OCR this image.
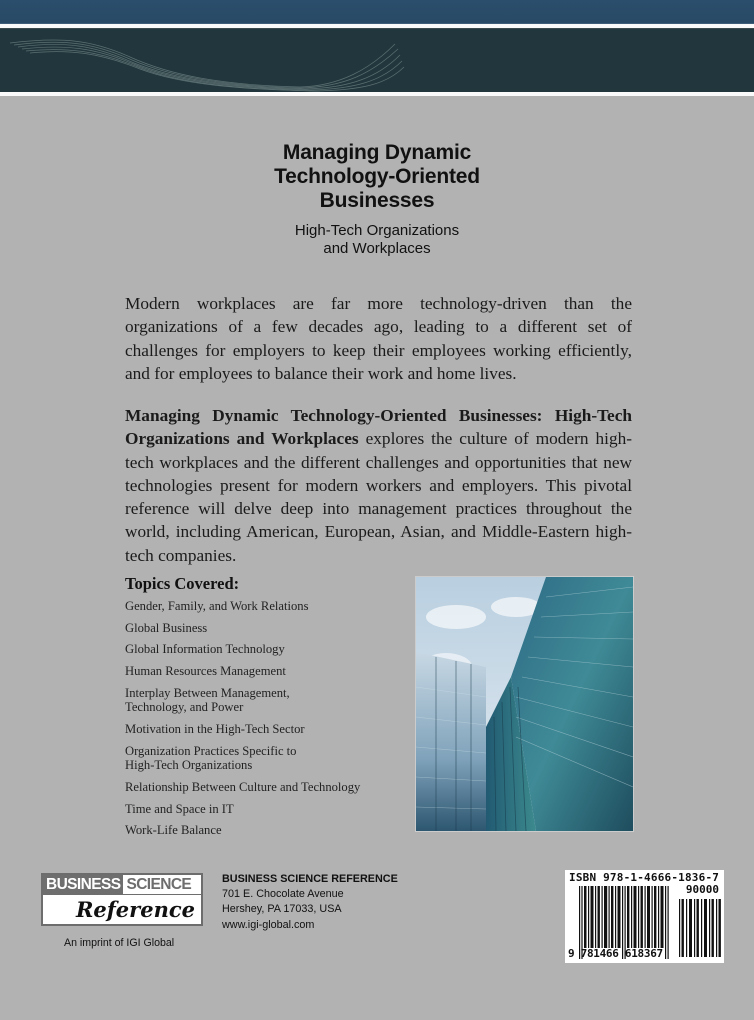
Managing Dynamic
Technology-Oriented
Businesses
High-Tech Organizations
and Workplaces

Modern workplaces are far more technology-driven than the organizations of a few decades ago, leading to a different set of challenges for employers to keep their employees working efficiently, and for employees to balance their work and home lives.

Managing Dynamic Technology-Oriented Businesses: High-Tech Organizations and Workplaces explores the culture of modern high-tech workplaces and the different challenges and opportunities that new technologies present for modern workers and employers. This pivotal reference will delve deep into management practices throughout the world, including American, European, Asian, and Middle-Eastern high-tech companies.

Topics Covered:
Gender, Family, and Work Relations
Global Business
Global Information Technology
Human Resources Management
Interplay Between Management, Technology, and Power
Motivation in the High-Tech Sector
Organization Practices Specific to High-Tech Organizations
Relationship Between Culture and Technology
Time and Space in IT
Work-Life Balance
BUSINESS SCIENCE
Reference
An imprint of IGI Global
BUSINESS SCIENCE REFERENCE
701 E. Chocolate Avenue
Hershey, PA 17033, USA
www.igi-global.com
ISBN 978-1-4666-1836-7
90000
9 781466 618367
